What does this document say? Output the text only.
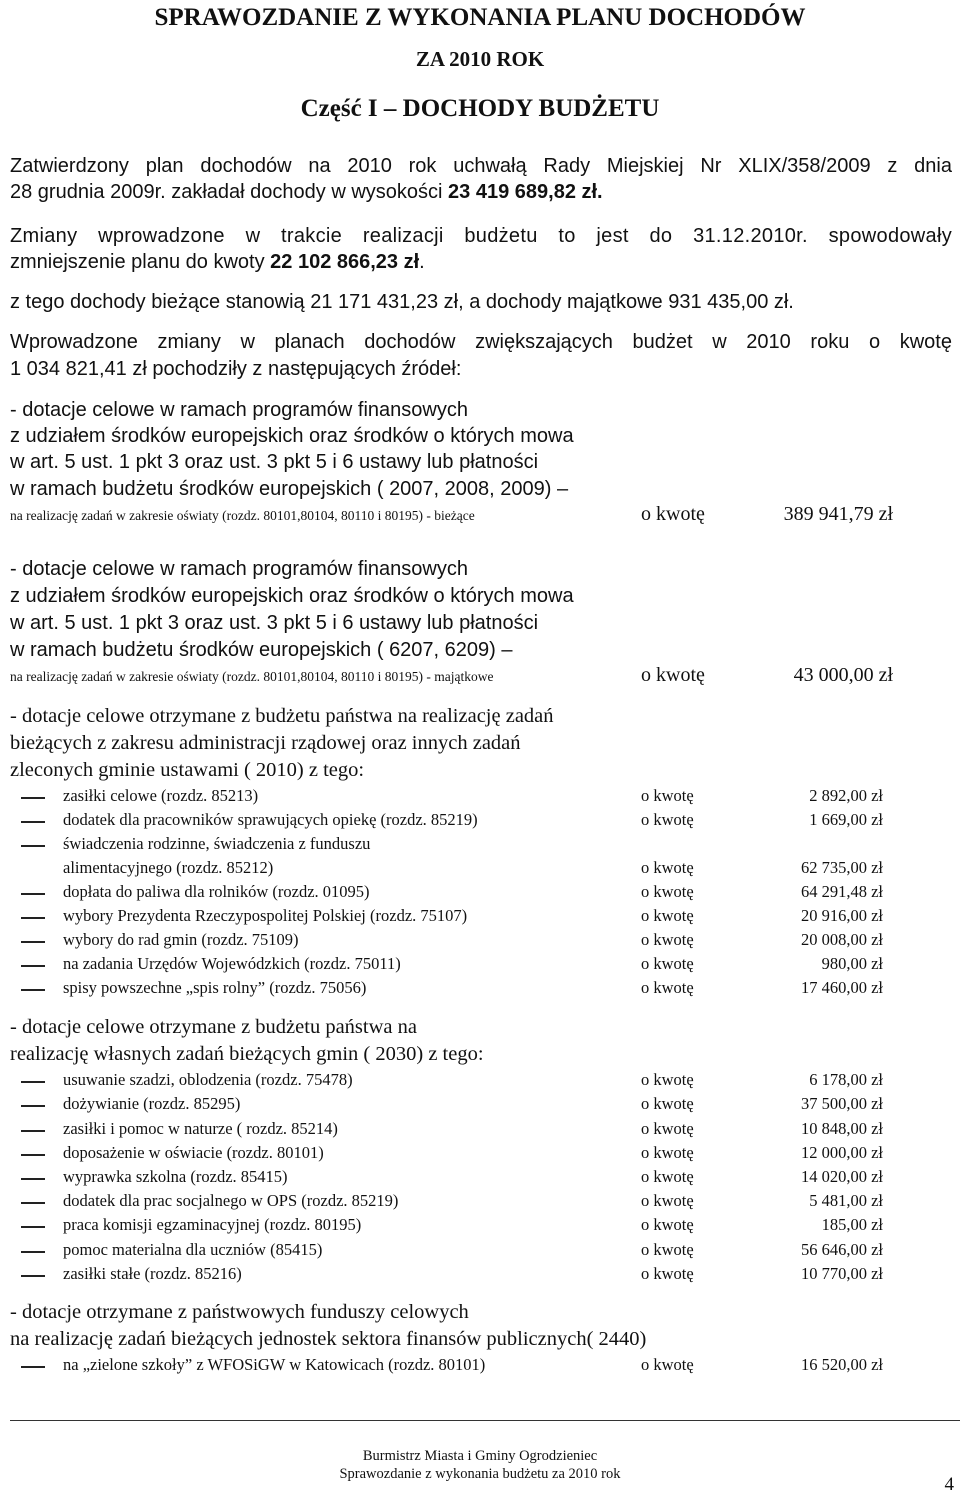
SPRAWOZDANIE Z WYKONANIA PLANU DOCHODÓW
ZA 2010 ROK
Część I – DOCHODY BUDŻETU
Zatwierdzony plan dochodów na 2010 rok uchwałą Rady Miejskiej Nr XLIX/358/2009 z dnia
28 grudnia 2009r. zakładał dochody w wysokości 23 419 689,82 zł.
Zmiany wprowadzone w trakcie realizacji budżetu to jest do 31.12.2010r. spowodowały
zmniejszenie planu do kwoty 22 102 866,23 zł.
z tego dochody bieżące stanowią 21 171 431,23 zł, a dochody majątkowe 931 435,00 zł.
Wprowadzone zmiany w planach dochodów zwiększających budżet w 2010 roku o kwotę
1 034 821,41 zł pochodziły z następujących źródeł:
- dotacje celowe w ramach programów finansowych
z udziałem środków europejskich oraz środków o których mowa
w art. 5 ust. 1 pkt 3 oraz ust. 3 pkt 5 i 6 ustawy lub płatności
w ramach budżetu środków europejskich ( 2007, 2008, 2009) –
na realizację zadań w zakresie oświaty (rozdz. 80101,80104, 80110 i 80195) - bieżące	o kwotę	389 941,79 zł
- dotacje celowe w ramach programów finansowych
z udziałem środków europejskich oraz środków o których mowa
w art. 5 ust. 1 pkt 3 oraz ust. 3 pkt 5 i 6 ustawy lub płatności
w ramach budżetu środków europejskich ( 6207, 6209) –
na realizację zadań w zakresie oświaty (rozdz. 80101,80104, 80110 i 80195) - majątkowe	o kwotę	43 000,00 zł
- dotacje celowe otrzymane z budżetu państwa na realizację zadań
bieżących z zakresu administracji rządowej oraz innych zadań
zleconych gminie ustawami ( 2010) z tego:
zasiłki celowe (rozdz. 85213)	o kwotę	2 892,00 zł
dodatek dla pracowników sprawujących opiekę (rozdz. 85219)	o kwotę	1 669,00 zł
świadczenia rodzinne, świadczenia z funduszu
alimentacyjnego (rozdz. 85212)	o kwotę	62 735,00 zł
dopłata do paliwa dla rolników (rozdz. 01095)	o kwotę	64 291,48 zł
wybory Prezydenta Rzeczypospolitej Polskiej (rozdz. 75107)	o kwotę	20 916,00 zł
wybory do rad gmin (rozdz. 75109)	o kwotę	20 008,00 zł
na zadania Urzędów Wojewódzkich (rozdz. 75011)	o kwotę	980,00 zł
spisy powszechne „spis rolny” (rozdz. 75056)	o kwotę	17 460,00 zł
- dotacje celowe otrzymane z budżetu państwa na
realizację własnych zadań bieżących gmin ( 2030) z tego:
usuwanie szadzi, oblodzenia (rozdz. 75478)	o kwotę	6 178,00 zł
dożywianie (rozdz. 85295)	o kwotę	37 500,00 zł
zasiłki i pomoc w naturze ( rozdz. 85214)	o kwotę	10 848,00 zł
doposażenie w oświacie (rozdz. 80101)	o kwotę	12 000,00 zł
wyprawka szkolna (rozdz. 85415)	o kwotę	14 020,00 zł
dodatek dla prac socjalnego w OPS (rozdz. 85219)	o kwotę	5 481,00 zł
praca komisji egzaminacyjnej (rozdz. 80195)	o kwotę	185,00 zł
pomoc materialna dla uczniów (85415)	o kwotę	56 646,00 zł
zasiłki stałe (rozdz. 85216)	o kwotę	10 770,00 zł
- dotacje otrzymane z państwowych funduszy celowych
na realizację zadań bieżących jednostek sektora finansów publicznych( 2440)
na „zielone szkoły” z WFOSiGW w Katowicach (rozdz. 80101)	o kwotę	16 520,00 zł
Burmistrz Miasta i Gminy Ogrodzieniec
Sprawozdanie z wykonania budżetu za 2010 rok	4
